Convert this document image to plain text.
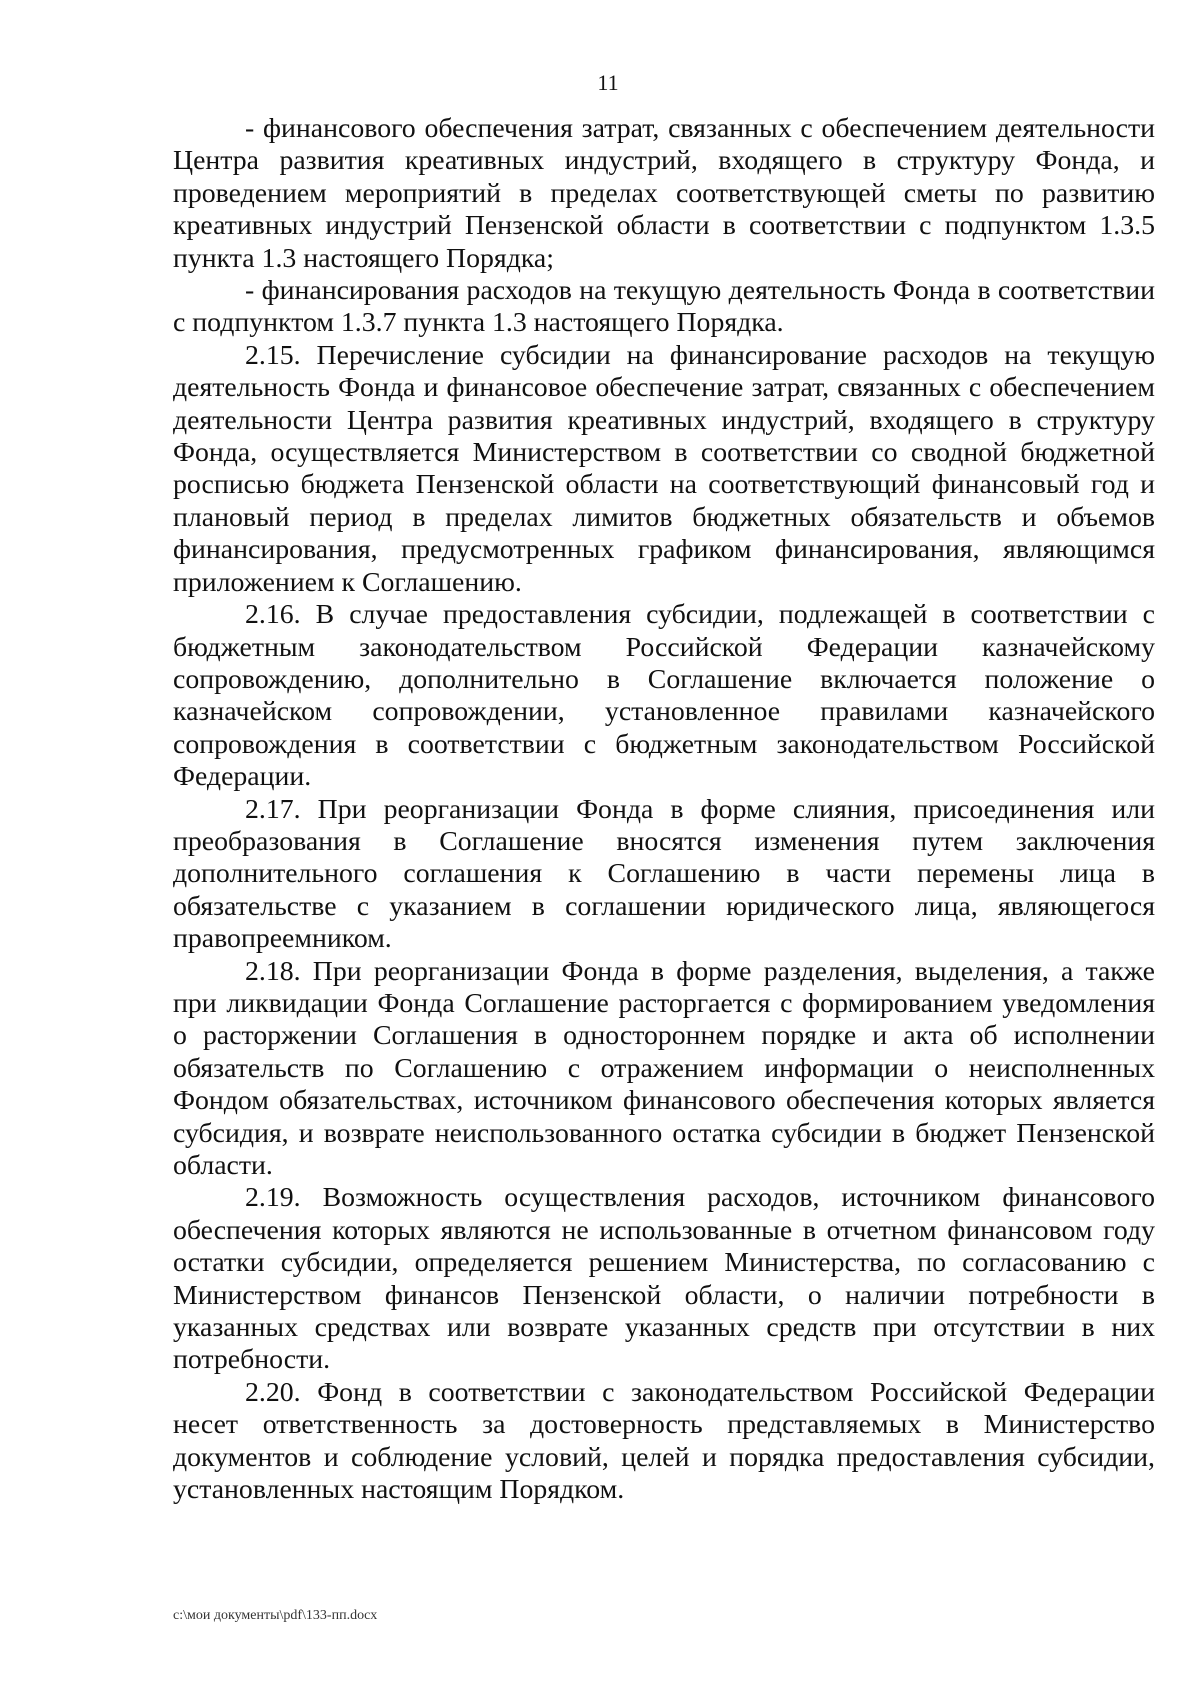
11

- финансового обеспечения затрат, связанных с обеспечением деятельности Центра развития креативных индустрий, входящего в структуру Фонда, и проведением мероприятий в пределах соответствующей сметы по развитию креативных индустрий Пензенской области в соответствии с подпунктом 1.3.5 пункта 1.3 настоящего Порядка;

- финансирования расходов на текущую деятельность Фонда в соответствии с подпунктом 1.3.7 пункта 1.3 настоящего Порядка.

2.15. Перечисление субсидии на финансирование расходов на текущую деятельность Фонда и финансовое обеспечение затрат, связанных с обеспечением деятельности Центра развития креативных индустрий, входящего в структуру Фонда, осуществляется Министерством в соответствии со сводной бюджетной росписью бюджета Пензенской области на соответствующий финансовый год и плановый период в пределах лимитов бюджетных обязательств и объемов финансирования, предусмотренных графиком финансирования, являющимся приложением к Соглашению.

2.16. В случае предоставления субсидии, подлежащей в соответствии с бюджетным законодательством Российской Федерации казначейскому сопровождению, дополнительно в Соглашение включается положение о казначейском сопровождении, установленное правилами казначейского сопровождения в соответствии с бюджетным законодательством Российской Федерации.

2.17. При реорганизации Фонда в форме слияния, присоединения или преобразования в Соглашение вносятся изменения путем заключения дополнительного соглашения к Соглашению в части перемены лица в обязательстве с указанием в соглашении юридического лица, являющегося правопреемником.

2.18. При реорганизации Фонда в форме разделения, выделения, а также при ликвидации Фонда Соглашение расторгается с формированием уведомления о расторжении Соглашения в одностороннем порядке и акта об исполнении обязательств по Соглашению с отражением информации о неисполненных Фондом обязательствах, источником финансового обеспечения которых является субсидия, и возврате неиспользованного остатка субсидии в бюджет Пензенской области.

2.19. Возможность осуществления расходов, источником финансового обеспечения которых являются не использованные в отчетном финансовом году остатки субсидии, определяется решением Министерства, по согласованию с Министерством финансов Пензенской области, о наличии потребности в указанных средствах или возврате указанных средств при отсутствии в них потребности.

2.20. Фонд в соответствии с законодательством Российской Федерации несет ответственность за достоверность представляемых в Министерство документов и соблюдение условий, целей и порядка предоставления субсидии, установленных настоящим Порядком.

c:\мои документы\pdf\133-пп.docx
